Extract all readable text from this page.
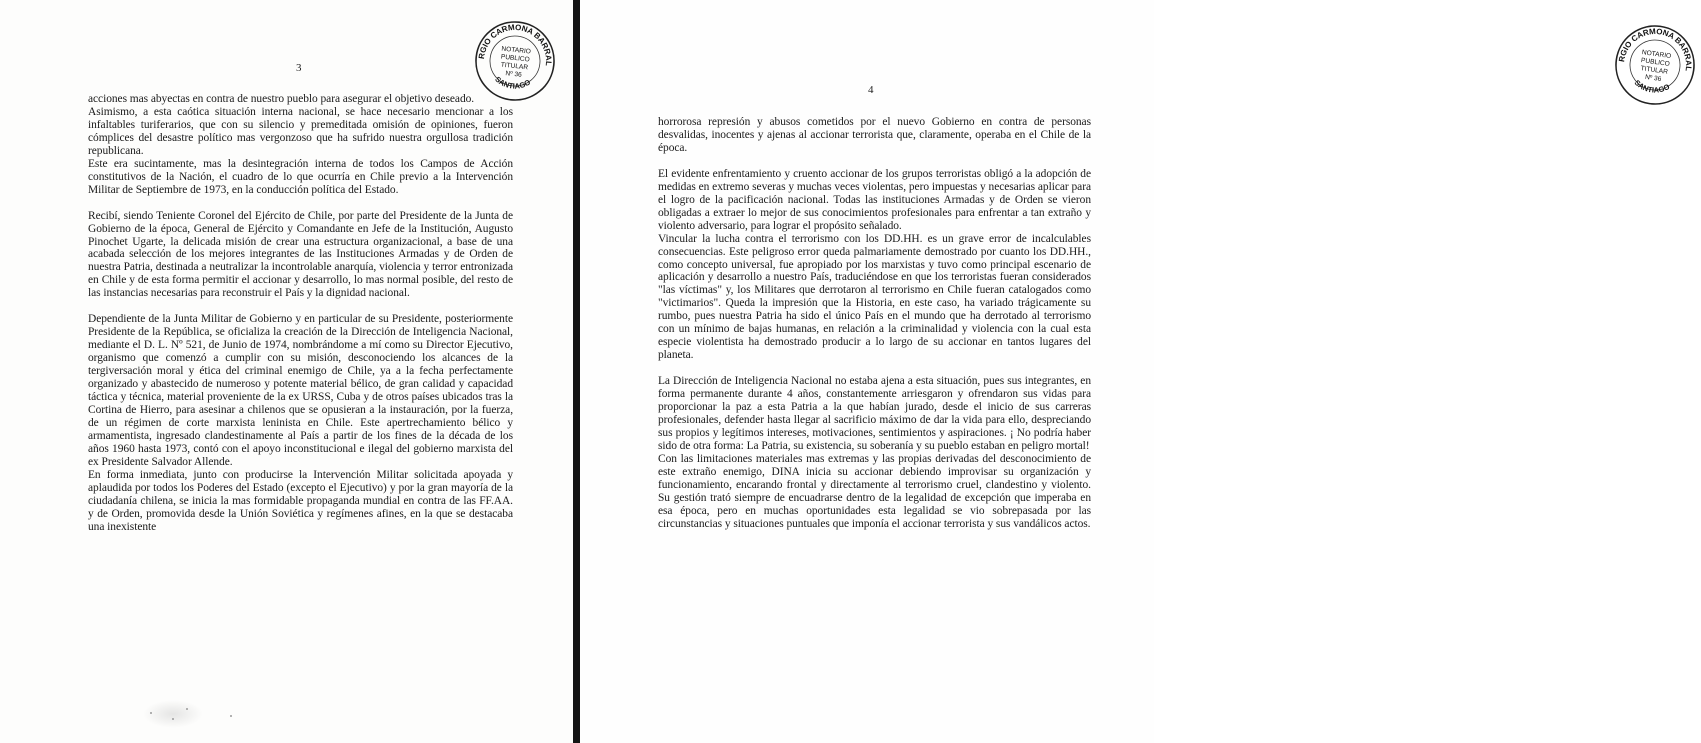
3
SERGIO CARMONA BARRALES
SANTIAGO
NOTARIO
PUBLICO
TITULAR
Nº 36

acciones mas abyectas en contra de nuestro pueblo para asegurar el objetivo deseado.

Asimismo, a esta caótica situación interna nacional, se hace necesario mencionar a los infaltables turiferarios, que con su silencio y premeditada omisión de opiniones, fueron cómplices del desastre político mas vergonzoso que ha sufrido nuestra orgullosa tradición republicana.

Este era sucintamente, mas la desintegración interna de todos los Campos de Acción constitutivos de la Nación, el cuadro de lo que ocurría en Chile previo a la Intervención Militar de Septiembre de 1973, en la conducción política del Estado.

Recibí, siendo Teniente Coronel del Ejército de Chile, por parte del Presidente de la Junta de Gobierno de la época, General de Ejército y Comandante en Jefe de la Institución, Augusto Pinochet Ugarte, la delicada misión de crear una estructura organizacional, a base de una acabada selección de los mejores integrantes de las Instituciones Armadas y de Orden de nuestra Patria, destinada a neutralizar la incontrolable anarquía, violencia y terror entronizada en Chile y de esta forma permitir el accionar y desarrollo, lo mas normal posible, del resto de las instancias necesarias para reconstruir el País y la dignidad nacional.

Dependiente de la Junta Militar de Gobierno y en particular de su Presidente, posteriormente Presidente de la República, se oficializa la creación de la Dirección de Inteligencia Nacional, mediante el D. L. Nº 521, de Junio de 1974, nombrándome a mí como su Director Ejecutivo, organismo que comenzó a cumplir con su misión, desconociendo los alcances de la tergiversación moral y ética del criminal enemigo de Chile, ya a la fecha perfectamente organizado y abastecido de numeroso y potente material bélico, de gran calidad y capacidad táctica y técnica, material proveniente de la ex URSS, Cuba y de otros países ubicados tras la Cortina de Hierro, para asesinar a chilenos que se opusieran a la instauración, por la fuerza, de un régimen de corte marxista leninista en Chile. Este apertrechamiento bélico y armamentista, ingresado clandestinamente al País a partir de los fines de la década de los años 1960 hasta 1973, contó con el apoyo inconstitucional e ilegal del gobierno marxista del ex Presidente Salvador Allende.

En forma inmediata, junto con producirse la Intervención Militar solicitada apoyada y aplaudida por todos los Poderes del Estado (excepto el Ejecutivo) y por la gran mayoría de la ciudadanía chilena, se inicia la mas formidable propaganda mundial en contra de las FF.AA. y de Orden, promovida desde la Unión Soviética y regímenes afines, en la que se destacaba una inexistente

4
SERGIO CARMONA BARRALES
SANTIAGO
NOTARIO
PUBLICO
TITULAR
Nº 36

horrorosa represión y abusos cometidos por el nuevo Gobierno en contra de personas desvalidas, inocentes y ajenas al accionar terrorista que, claramente, operaba en el Chile de la época.

El evidente enfrentamiento y cruento accionar de los grupos terroristas obligó a la adopción de medidas en extremo severas y muchas veces violentas, pero impuestas y necesarias aplicar para el logro de la pacificación nacional. Todas las instituciones Armadas y de Orden se vieron obligadas a extraer lo mejor de sus conocimientos profesionales para enfrentar a tan extraño y violento adversario, para lograr el propósito señalado.

Vincular la lucha contra el terrorismo con los DD.HH. es un grave error de incalculables consecuencias. Este peligroso error queda palmariamente demostrado por cuanto los DD.HH., como concepto universal, fue apropiado por los marxistas y tuvo como principal escenario de aplicación y desarrollo a nuestro País, traduciéndose en que los terroristas fueran considerados "las víctimas" y, los Militares que derrotaron al terrorismo en Chile fueran catalogados como "victimarios". Queda la impresión que la Historia, en este caso, ha variado trágicamente su rumbo, pues nuestra Patria ha sido el único País en el mundo que ha derrotado al terrorismo con un mínimo de bajas humanas, en relación a la criminalidad y violencia con la cual esta especie violentista ha demostrado producir a lo largo de su accionar en tantos lugares del planeta.

La Dirección de Inteligencia Nacional no estaba ajena a esta situación, pues sus integrantes, en forma permanente durante 4 años, constantemente arriesgaron y ofrendaron sus vidas para proporcionar la paz a esta Patria a la que habían jurado, desde el inicio de sus carreras profesionales, defender hasta llegar al sacrificio máximo de dar la vida para ello, despreciando sus propios y legítimos intereses, motivaciones, sentimientos y aspiraciones. ¡ No podría haber sido de otra forma: La Patria, su existencia, su soberanía y su pueblo estaban en peligro mortal!

Con las limitaciones materiales mas extremas y las propias derivadas del desconocimiento de este extraño enemigo, DINA inicia su accionar debiendo improvisar su organización y funcionamiento, encarando frontal y directamente al terrorismo cruel, clandestino y violento. Su gestión trató siempre de encuadrarse dentro de la legalidad de excepción que imperaba en esa época, pero en muchas oportunidades esta legalidad se vio sobrepasada por las circunstancias y situaciones puntuales que imponía el accionar terrorista y sus vandálicos actos.
